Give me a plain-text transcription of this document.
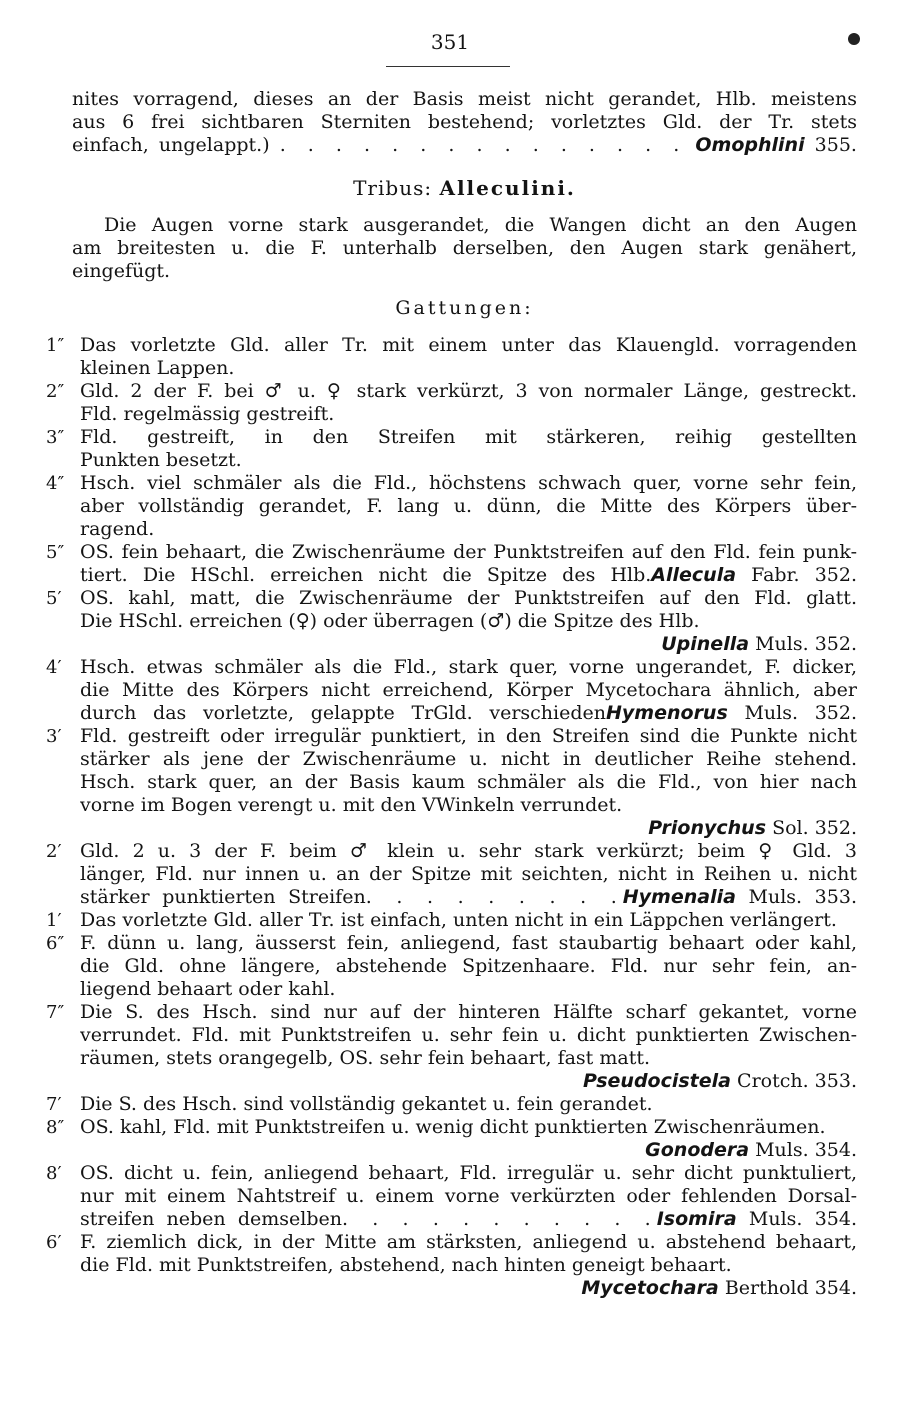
351
nites vorragend, dieses an der Basis meist nicht gerandet, Hlb. meistens
aus 6 frei sichtbaren Sterniten bestehend; vorletztes Gld. der Tr. stets
einfach, ungelappt.) . . . . . . . . . . . . . . . Omophlini 355.
Tribus: Alleculini.
Die Augen vorne stark ausgerandet, die Wangen dicht an den Augen
am breitesten u. die F. unterhalb derselben, den Augen stark genähert,
eingefügt.
Gattungen:
1″ Das vorletzte Gld. aller Tr. mit einem unter das Klauengld. vorragenden
kleinen Lappen.
2″ Gld. 2 der F. bei ♂ u. ♀ stark verkürzt, 3 von normaler Länge, gestreckt.
Fld. regelmässig gestreift.
3″ Fld. gestreift, in den Streifen mit stärkeren, reihig gestellten
Punkten besetzt.
4″ Hsch. viel schmäler als die Fld., höchstens schwach quer, vorne sehr fein,
aber vollständig gerandet, F. lang u. dünn, die Mitte des Körpers über-
ragend.
5″ OS. fein behaart, die Zwischenräume der Punktstreifen auf den Fld. fein punk-
tiert. Die HSchl. erreichen nicht die Spitze des Hlb.Allecula Fabr. 352.
5′ OS. kahl, matt, die Zwischenräume der Punktstreifen auf den Fld. glatt.
Die HSchl. erreichen (♀) oder überragen (♂) die Spitze des Hlb.
Upinella Muls. 352.
4′ Hsch. etwas schmäler als die Fld., stark quer, vorne ungerandet, F. dicker,
die Mitte des Körpers nicht erreichend, Körper Mycetochara ähnlich, aber
durch das vorletzte, gelappte TrGld. verschiedenHymenorus Muls. 352.
3′ Fld. gestreift oder irregulär punktiert, in den Streifen sind die Punkte nicht
stärker als jene der Zwischenräume u. nicht in deutlicher Reihe stehend.
Hsch. stark quer, an der Basis kaum schmäler als die Fld., von hier nach
vorne im Bogen verengt u. mit den VWinkeln verrundet.
Prionychus Sol. 352.
2′ Gld. 2 u. 3 der F. beim ♂ klein u. sehr stark verkürzt; beim ♀ Gld. 3
länger, Fld. nur innen u. an der Spitze mit seichten, nicht in Reihen u. nicht
stärker punktierten Streifen. . . . . . . . .Hymenalia Muls. 353.
1′ Das vorletzte Gld. aller Tr. ist einfach, unten nicht in ein Läppchen verlängert.
6″ F. dünn u. lang, äusserst fein, anliegend, fast staubartig behaart oder kahl,
die Gld. ohne längere, abstehende Spitzenhaare. Fld. nur sehr fein, an-
liegend behaart oder kahl.
7″ Die S. des Hsch. sind nur auf der hinteren Hälfte scharf gekantet, vorne
verrundet. Fld. mit Punktstreifen u. sehr fein u. dicht punktierten Zwischen-
räumen, stets orangegelb, OS. sehr fein behaart, fast matt.
Pseudocistela Crotch. 353.
7′ Die S. des Hsch. sind vollständig gekantet u. fein gerandet.
8″ OS. kahl, Fld. mit Punktstreifen u. wenig dicht punktierten Zwischenräumen.
Gonodera Muls. 354.
8′ OS. dicht u. fein, anliegend behaart, Fld. irregulär u. sehr dicht punktuliert,
nur mit einem Nahtstreif u. einem vorne verkürzten oder fehlenden Dorsal-
streifen neben demselben. . . . . . . . . . .Isomira Muls. 354.
6′ F. ziemlich dick, in der Mitte am stärksten, anliegend u. abstehend behaart,
die Fld. mit Punktstreifen, abstehend, nach hinten geneigt behaart.
Mycetochara Berthold 354.
